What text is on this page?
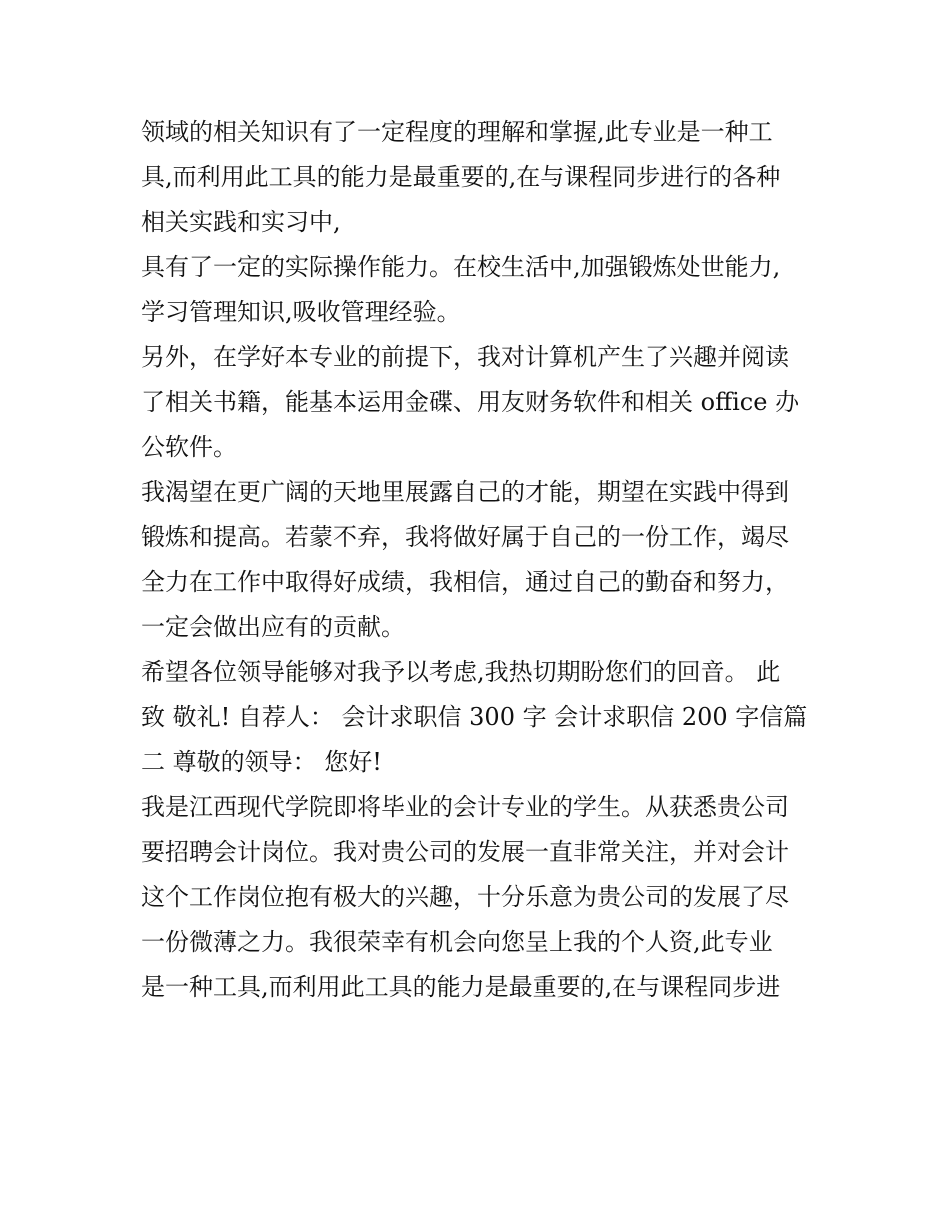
领域的相关知识有了一定程度的理解和掌握,此专业是一种工
具,而利用此工具的能力是最重要的,在与课程同步进行的各种
相关实践和实习中,
具有了一定的实际操作能力。在校生活中,加强锻炼处世能力,
学习管理知识,吸收管理经验。
另外，在学好本专业的前提下，我对计算机产生了兴趣并阅读
了相关书籍，能基本运用金碟、用友财务软件和相关 office 办
公软件。
我渴望在更广阔的天地里展露自己的才能，期望在实践中得到
锻炼和提高。若蒙不弃，我将做好属于自己的一份工作，竭尽
全力在工作中取得好成绩，我相信，通过自己的勤奋和努力，
一定会做出应有的贡献。
希望各位领导能够对我予以考虑,我热切期盼您们的回音。 此
致 敬礼! 自荐人： 会计求职信 300 字 会计求职信 200 字信篇
二 尊敬的领导： 您好!
我是江西现代学院即将毕业的会计专业的学生。从获悉贵公司
要招聘会计岗位。我对贵公司的发展一直非常关注，并对会计
这个工作岗位抱有极大的兴趣，十分乐意为贵公司的发展了尽
一份微薄之力。我很荣幸有机会向您呈上我的个人资,此专业
是一种工具,而利用此工具的能力是最重要的,在与课程同步进
